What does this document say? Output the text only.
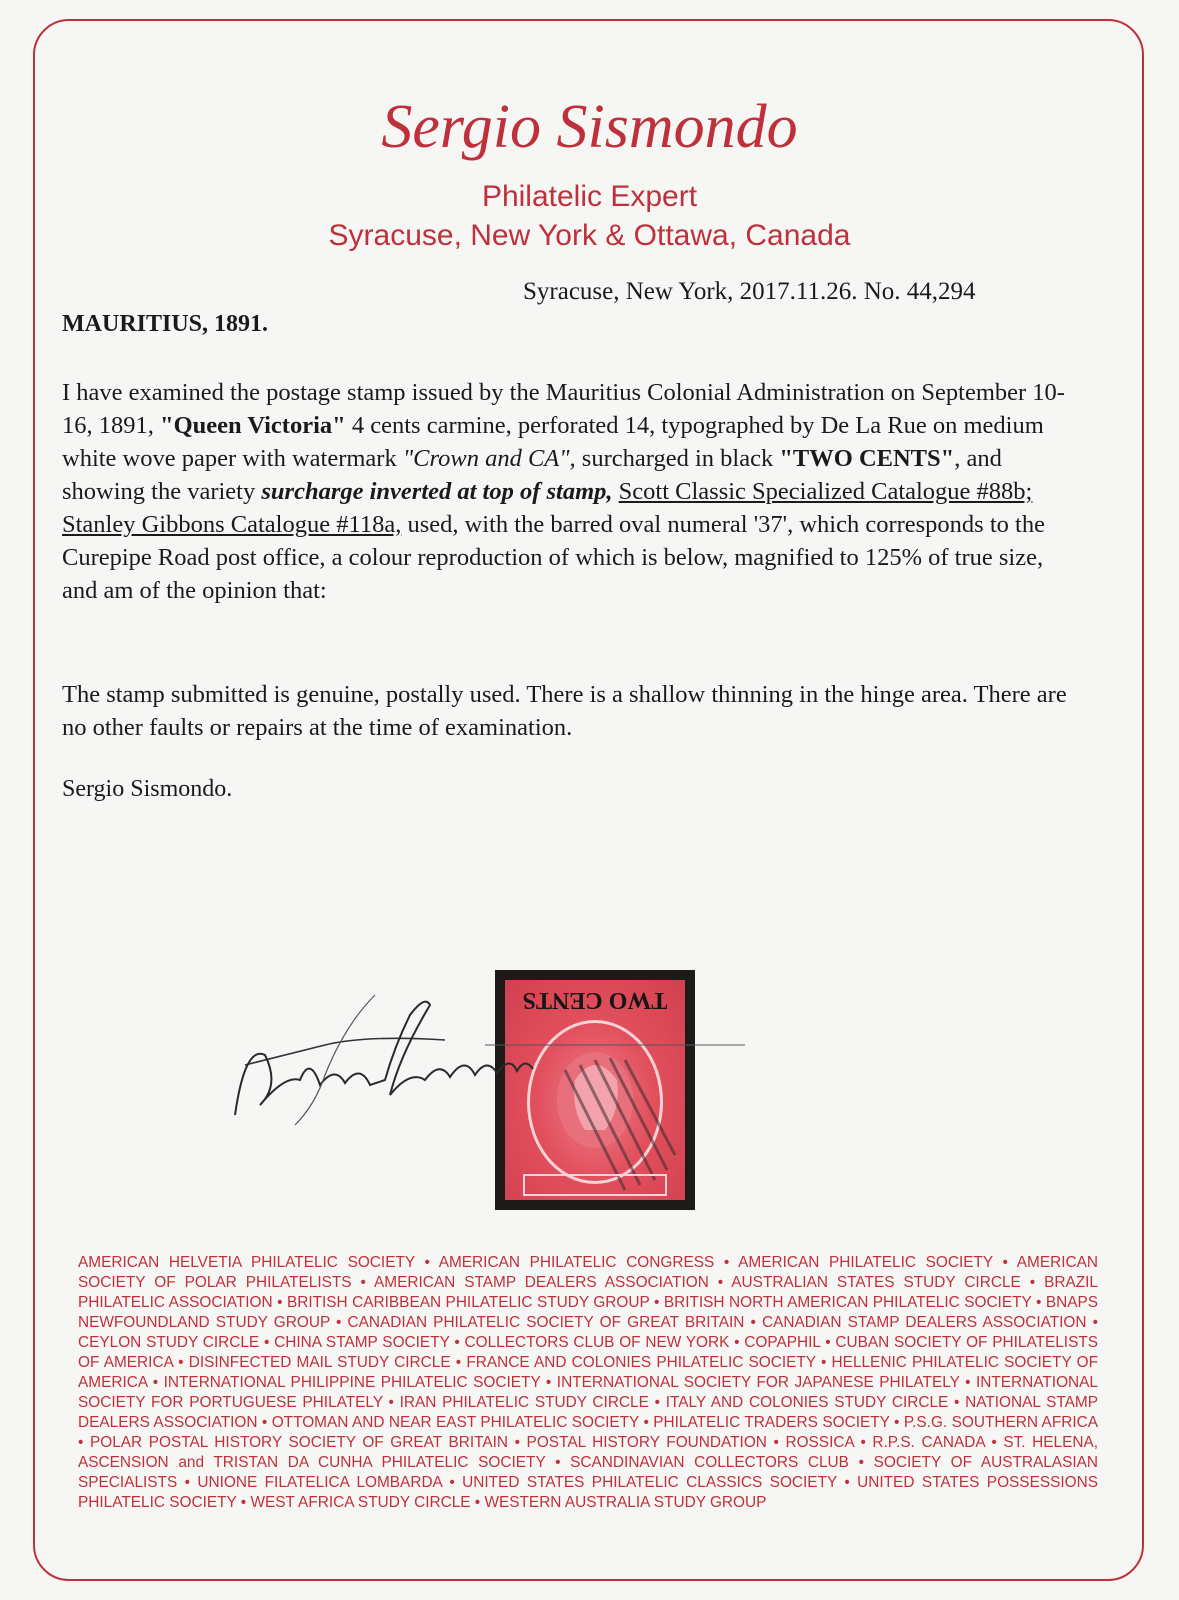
Sergio Sismondo
Philatelic Expert
Syracuse, New York & Ottawa, Canada
Syracuse, New York, 2017.11.26. No. 44,294
MAURITIUS, 1891.
I have examined the postage stamp issued by the Mauritius Colonial Administration on September 10-16, 1891, "Queen Victoria" 4 cents carmine, perforated 14, typographed by De La Rue on medium white wove paper with watermark "Crown and CA", surcharged in black "TWO CENTS", and showing the variety surcharge inverted at top of stamp, Scott Classic Specialized Catalogue #88b; Stanley Gibbons Catalogue #118a, used, with the barred oval numeral '37', which corresponds to the Curepipe Road post office, a colour reproduction of which is below, magnified to 125% of true size, and am of the opinion that:
The stamp submitted is genuine, postally used. There is a shallow thinning in the hinge area. There are no other faults or repairs at the time of examination.
Sergio Sismondo.
TWO CENTS
AMERICAN HELVETIA PHILATELIC SOCIETY • AMERICAN PHILATELIC CONGRESS • AMERICAN PHILATELIC SOCIETY • AMERICAN SOCIETY OF POLAR PHILATELISTS • AMERICAN STAMP DEALERS ASSOCIATION • AUSTRALIAN STATES STUDY CIRCLE • BRAZIL PHILATELIC ASSOCIATION • BRITISH CARIBBEAN PHILATELIC STUDY GROUP • BRITISH NORTH AMERICAN PHILATELIC SOCIETY • BNAPS NEWFOUNDLAND STUDY GROUP • CANADIAN PHILATELIC SOCIETY OF GREAT BRITAIN • CANADIAN STAMP DEALERS ASSOCIATION • CEYLON STUDY CIRCLE • CHINA STAMP SOCIETY • COLLECTORS CLUB OF NEW YORK • COPAPHIL • CUBAN SOCIETY OF PHILATELISTS OF AMERICA • DISINFECTED MAIL STUDY CIRCLE • FRANCE AND COLONIES PHILATELIC SOCIETY • HELLENIC PHILATELIC SOCIETY OF AMERICA • INTERNATIONAL PHILIPPINE PHILATELIC SOCIETY • INTERNATIONAL SOCIETY FOR JAPANESE PHILATELY • INTERNATIONAL SOCIETY FOR PORTUGUESE PHILATELY • IRAN PHILATELIC STUDY CIRCLE • ITALY AND COLONIES STUDY CIRCLE • NATIONAL STAMP DEALERS ASSOCIATION • OTTOMAN AND NEAR EAST PHILATELIC SOCIETY • PHILATELIC TRADERS SOCIETY • P.S.G. SOUTHERN AFRICA • POLAR POSTAL HISTORY SOCIETY OF GREAT BRITAIN • POSTAL HISTORY FOUNDATION • ROSSICA • R.P.S. CANADA • ST. HELENA, ASCENSION and TRISTAN DA CUNHA PHILATELIC SOCIETY • SCANDINAVIAN COLLECTORS CLUB • SOCIETY OF AUSTRALASIAN SPECIALISTS • UNIONE FILATELICA LOMBARDA • UNITED STATES PHILATELIC CLASSICS SOCIETY • UNITED STATES POSSESSIONS PHILATELIC SOCIETY • WEST AFRICA STUDY CIRCLE • WESTERN AUSTRALIA STUDY GROUP
